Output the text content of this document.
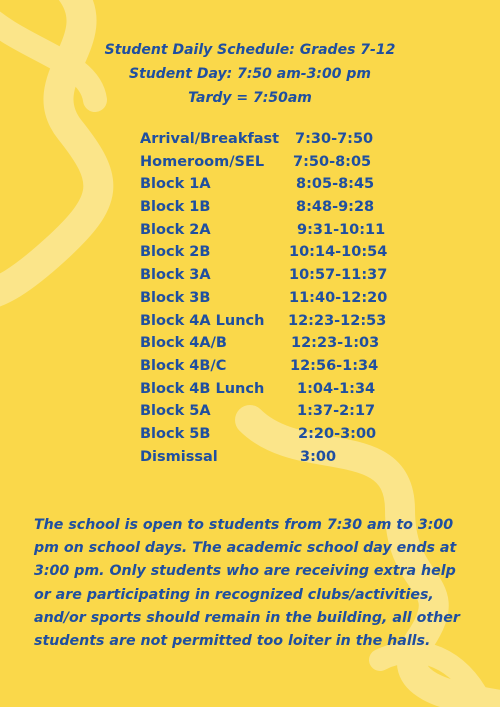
Student Daily Schedule: Grades 7-12
Student Day: 7:50 am-3:00 pm
Tardy = 7:50am
Arrival/Breakfast 7:30-7:50
Homeroom/SEL 7:50-8:05
Block 1A	8:05-8:45
Block 1B	8:48-9:28
Block 2A	9:31-10:11
Block 2B	10:14-10:54
Block 3A	10:57-11:37
Block 3B	11:40-12:20
Block 4A Lunch 12:23-12:53
Block 4A/B	12:23-1:03
Block 4B/C	12:56-1:34
Block 4B Lunch 1:04-1:34
Block 5A	1:37-2:17
Block 5B	2:20-3:00
Dismissal	3:00
The school is open to students from 7:30 am to 3:00
pm on school days. The academic school day ends at
3:00 pm. Only students who are receiving extra help
or are participating in recognized clubs/activities,
and/or sports should remain in the building, all other
students are not permitted too loiter in the halls.
